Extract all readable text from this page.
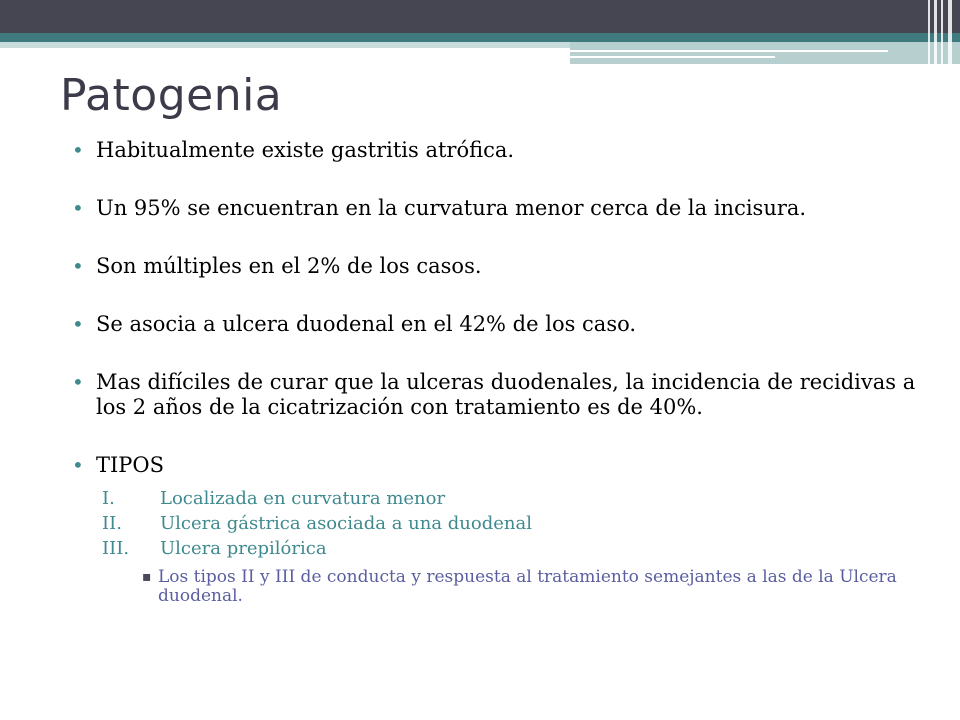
Patogenia
• Habitualmente existe gastritis atrófica.
• Un 95% se encuentran en la curvatura menor cerca de la incisura.
• Son múltiples en el 2% de los casos.
• Se asocia a ulcera duodenal en el 42% de los caso.
• Mas difíciles de curar que la ulceras duodenales, la incidencia de recidivas a los 2 años de la cicatrización con tratamiento es de 40%.
• TIPOS
I.	Localizada en curvatura menor
II. Ulcera gástrica asociada a una duodenal
III. Ulcera prepilórica
▪ Los tipos II y III de conducta y respuesta al tratamiento semejantes a las de la Ulcera duodenal.
